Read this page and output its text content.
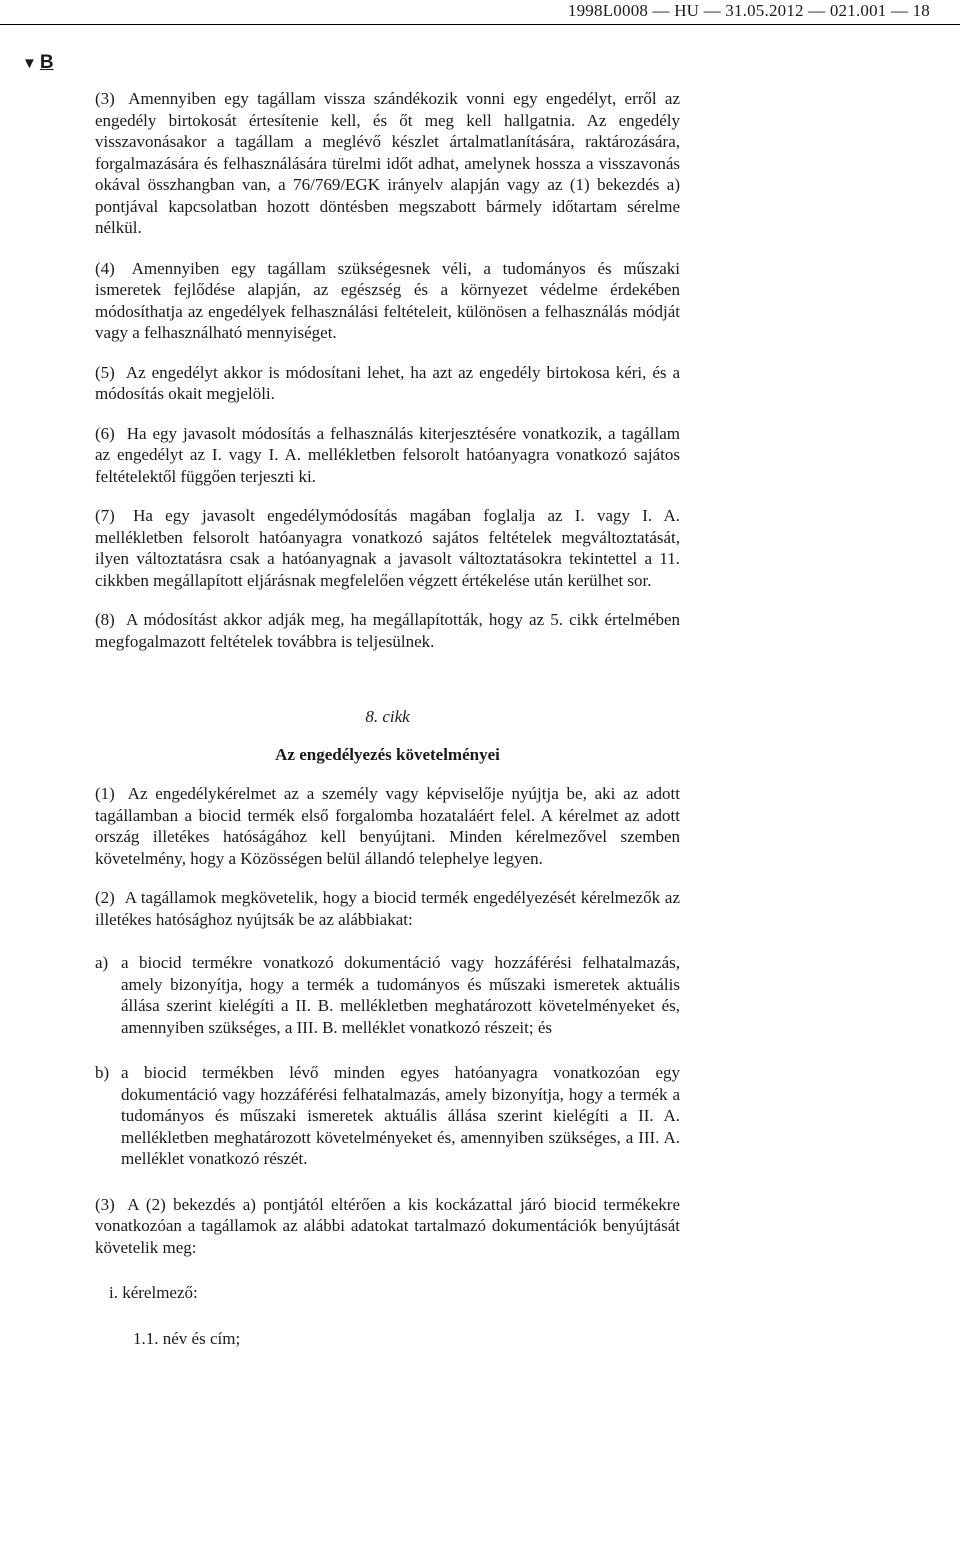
1998L0008 — HU — 31.05.2012 — 021.001 — 18
▼ B

(3) Amennyiben egy tagállam vissza szándékozik vonni egy engedélyt, erről az engedély birtokosát értesítenie kell, és őt meg kell hallgatnia. Az engedély visszavonásakor a tagállam a meglévő készlet ártalmatlanítására, raktározására, forgalmazására és felhasználására türelmi időt adhat, amelynek hossza a visszavonás okával összhangban van, a 76/769/EGK irányelv alapján vagy az (1) bekezdés a) pontjával kapcsolatban hozott döntésben megszabott bármely időtartam sérelme nélkül.

(4) Amennyiben egy tagállam szükségesnek véli, a tudományos és műszaki ismeretek fejlődése alapján, az egészség és a környezet védelme érdekében módosíthatja az engedélyek felhasználási feltételeit, különösen a felhasználás módját vagy a felhasználható mennyiséget.

(5) Az engedélyt akkor is módosítani lehet, ha azt az engedély birtokosa kéri, és a módosítás okait megjelöli.

(6) Ha egy javasolt módosítás a felhasználás kiterjesztésére vonatkozik, a tagállam az engedélyt az I. vagy I. A. mellékletben felsorolt hatóanyagra vonatkozó sajátos feltételektől függően terjeszti ki.

(7) Ha egy javasolt engedélymódosítás magában foglalja az I. vagy I. A. mellékletben felsorolt hatóanyagra vonatkozó sajátos feltételek megváltoztatását, ilyen változtatásra csak a hatóanyagnak a javasolt változtatásokra tekintettel a 11. cikkben megállapított eljárásnak megfelelően végzett értékelése után kerülhet sor.

(8) A módosítást akkor adják meg, ha megállapították, hogy az 5. cikk értelmében megfogalmazott feltételek továbbra is teljesülnek.

8. cikk

Az engedélyezés követelményei

(1) Az engedélykérelmet az a személy vagy képviselője nyújtja be, aki az adott tagállamban a biocid termék első forgalomba hozataláért felel. A kérelmet az adott ország illetékes hatóságához kell benyújtani. Minden kérelmezővel szemben követelmény, hogy a Közösségen belül állandó telephelye legyen.

(2) A tagállamok megkövetelik, hogy a biocid termék engedélyezését kérelmezők az illetékes hatósághoz nyújtsák be az alábbiakat:

a) a biocid termékre vonatkozó dokumentáció vagy hozzáférési felhatalmazás, amely bizonyítja, hogy a termék a tudományos és műszaki ismeretek aktuális állása szerint kielégíti a II. B. mellékletben meghatározott követelményeket és, amennyiben szükséges, a III. B. melléklet vonatkozó részeit; és
b) a biocid termékben lévő minden egyes hatóanyagra vonatkozóan egy dokumentáció vagy hozzáférési felhatalmazás, amely bizonyítja, hogy a termék a tudományos és műszaki ismeretek aktuális állása szerint kielégíti a II. A. mellékletben meghatározott követelményeket és, amennyiben szükséges, a III. A. melléklet vonatkozó részét.

(3) A (2) bekezdés a) pontjától eltérően a kis kockázattal járó biocid termékekre vonatkozóan a tagállamok az alábbi adatokat tartalmazó dokumentációk benyújtását követelik meg:

i. kérelmező:

1.1. név és cím;
